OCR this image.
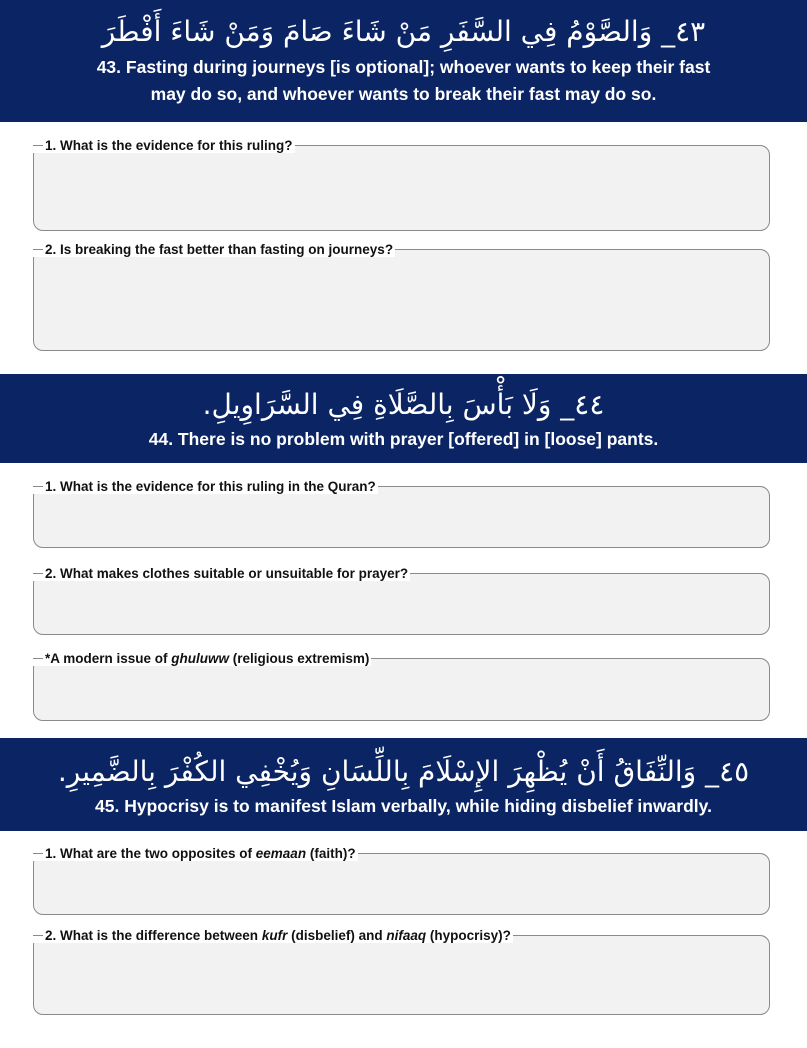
٤٣_ وَالصَّوْمُ فِي السَّفَرِ مَنْ شَاءَ صَامَ وَمَنْ شَاءَ أَفْطَرَ
43. Fasting during journeys [is optional]; whoever wants to keep their fast
may do so, and whoever wants to break their fast may do so.
1. What is the evidence for this ruling?
2. Is breaking the fast better than fasting on journeys?
٤٤_ وَلَا بَأْسَ بِالصَّلَاةِ فِي السَّرَاوِيلِ.
44. There is no problem with prayer [offered] in [loose] pants.
1. What is the evidence for this ruling in the Quran?
2. What makes clothes suitable or unsuitable for prayer?
*A modern issue of ghuluww (religious extremism)
٤٥_ وَالنِّفَاقُ أَنْ يُظْهِرَ الإِسْلَامَ بِاللِّسَانِ وَيُخْفِي الكُفْرَ بِالضَّمِيرِ.
45. Hypocrisy is to manifest Islam verbally, while hiding disbelief inwardly.
1. What are the two opposites of eemaan (faith)?
2. What is the difference between kufr (disbelief) and nifaaq (hypocrisy)?
